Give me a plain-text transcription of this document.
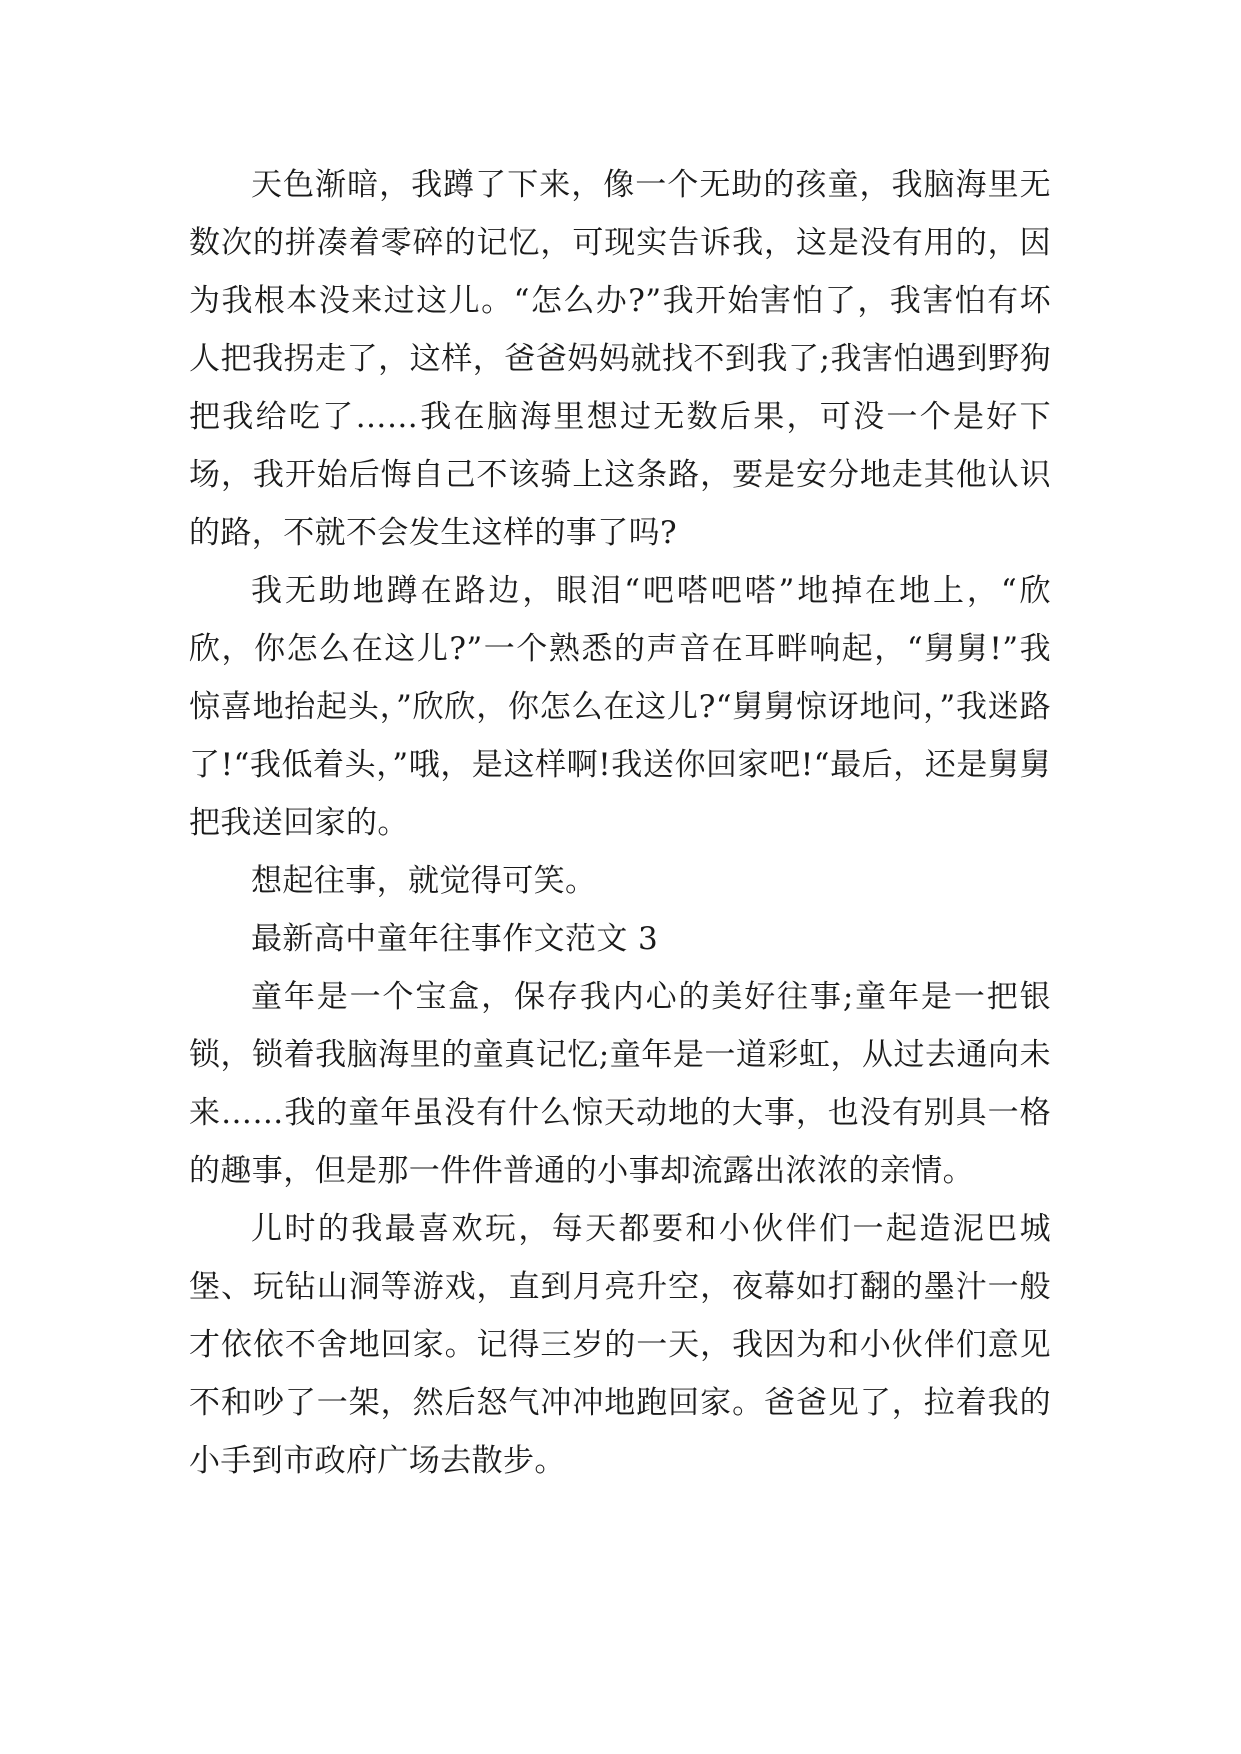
天色渐暗，我蹲了下来，像一个无助的孩童，我脑海里无数次的拼凑着零碎的记忆，可现实告诉我，这是没有用的，因为我根本没来过这儿。“怎么办?”我开始害怕了，我害怕有坏人把我拐走了，这样，爸爸妈妈就找不到我了;我害怕遇到野狗把我给吃了……我在脑海里想过无数后果，可没一个是好下场，我开始后悔自己不该骑上这条路，要是安分地走其他认识的路，不就不会发生这样的事了吗?

我无助地蹲在路边，眼泪“吧嗒吧嗒”地掉在地上，“欣欣，你怎么在这儿?”一个熟悉的声音在耳畔响起，“舅舅!”我惊喜地抬起头，”欣欣，你怎么在这儿?“舅舅惊讶地问，”我迷路了!“我低着头，”哦，是这样啊!我送你回家吧!“最后，还是舅舅把我送回家的。

想起往事，就觉得可笑。

最新高中童年往事作文范文 3

童年是一个宝盒，保存我内心的美好往事;童年是一把银锁，锁着我脑海里的童真记忆;童年是一道彩虹，从过去通向未来……我的童年虽没有什么惊天动地的大事，也没有别具一格的趣事，但是那一件件普通的小事却流露出浓浓的亲情。

儿时的我最喜欢玩，每天都要和小伙伴们一起造泥巴城堡、玩钻山洞等游戏，直到月亮升空，夜幕如打翻的墨汁一般才依依不舍地回家。记得三岁的一天，我因为和小伙伴们意见不和吵了一架，然后怒气冲冲地跑回家。爸爸见了，拉着我的小手到市政府广场去散步。
